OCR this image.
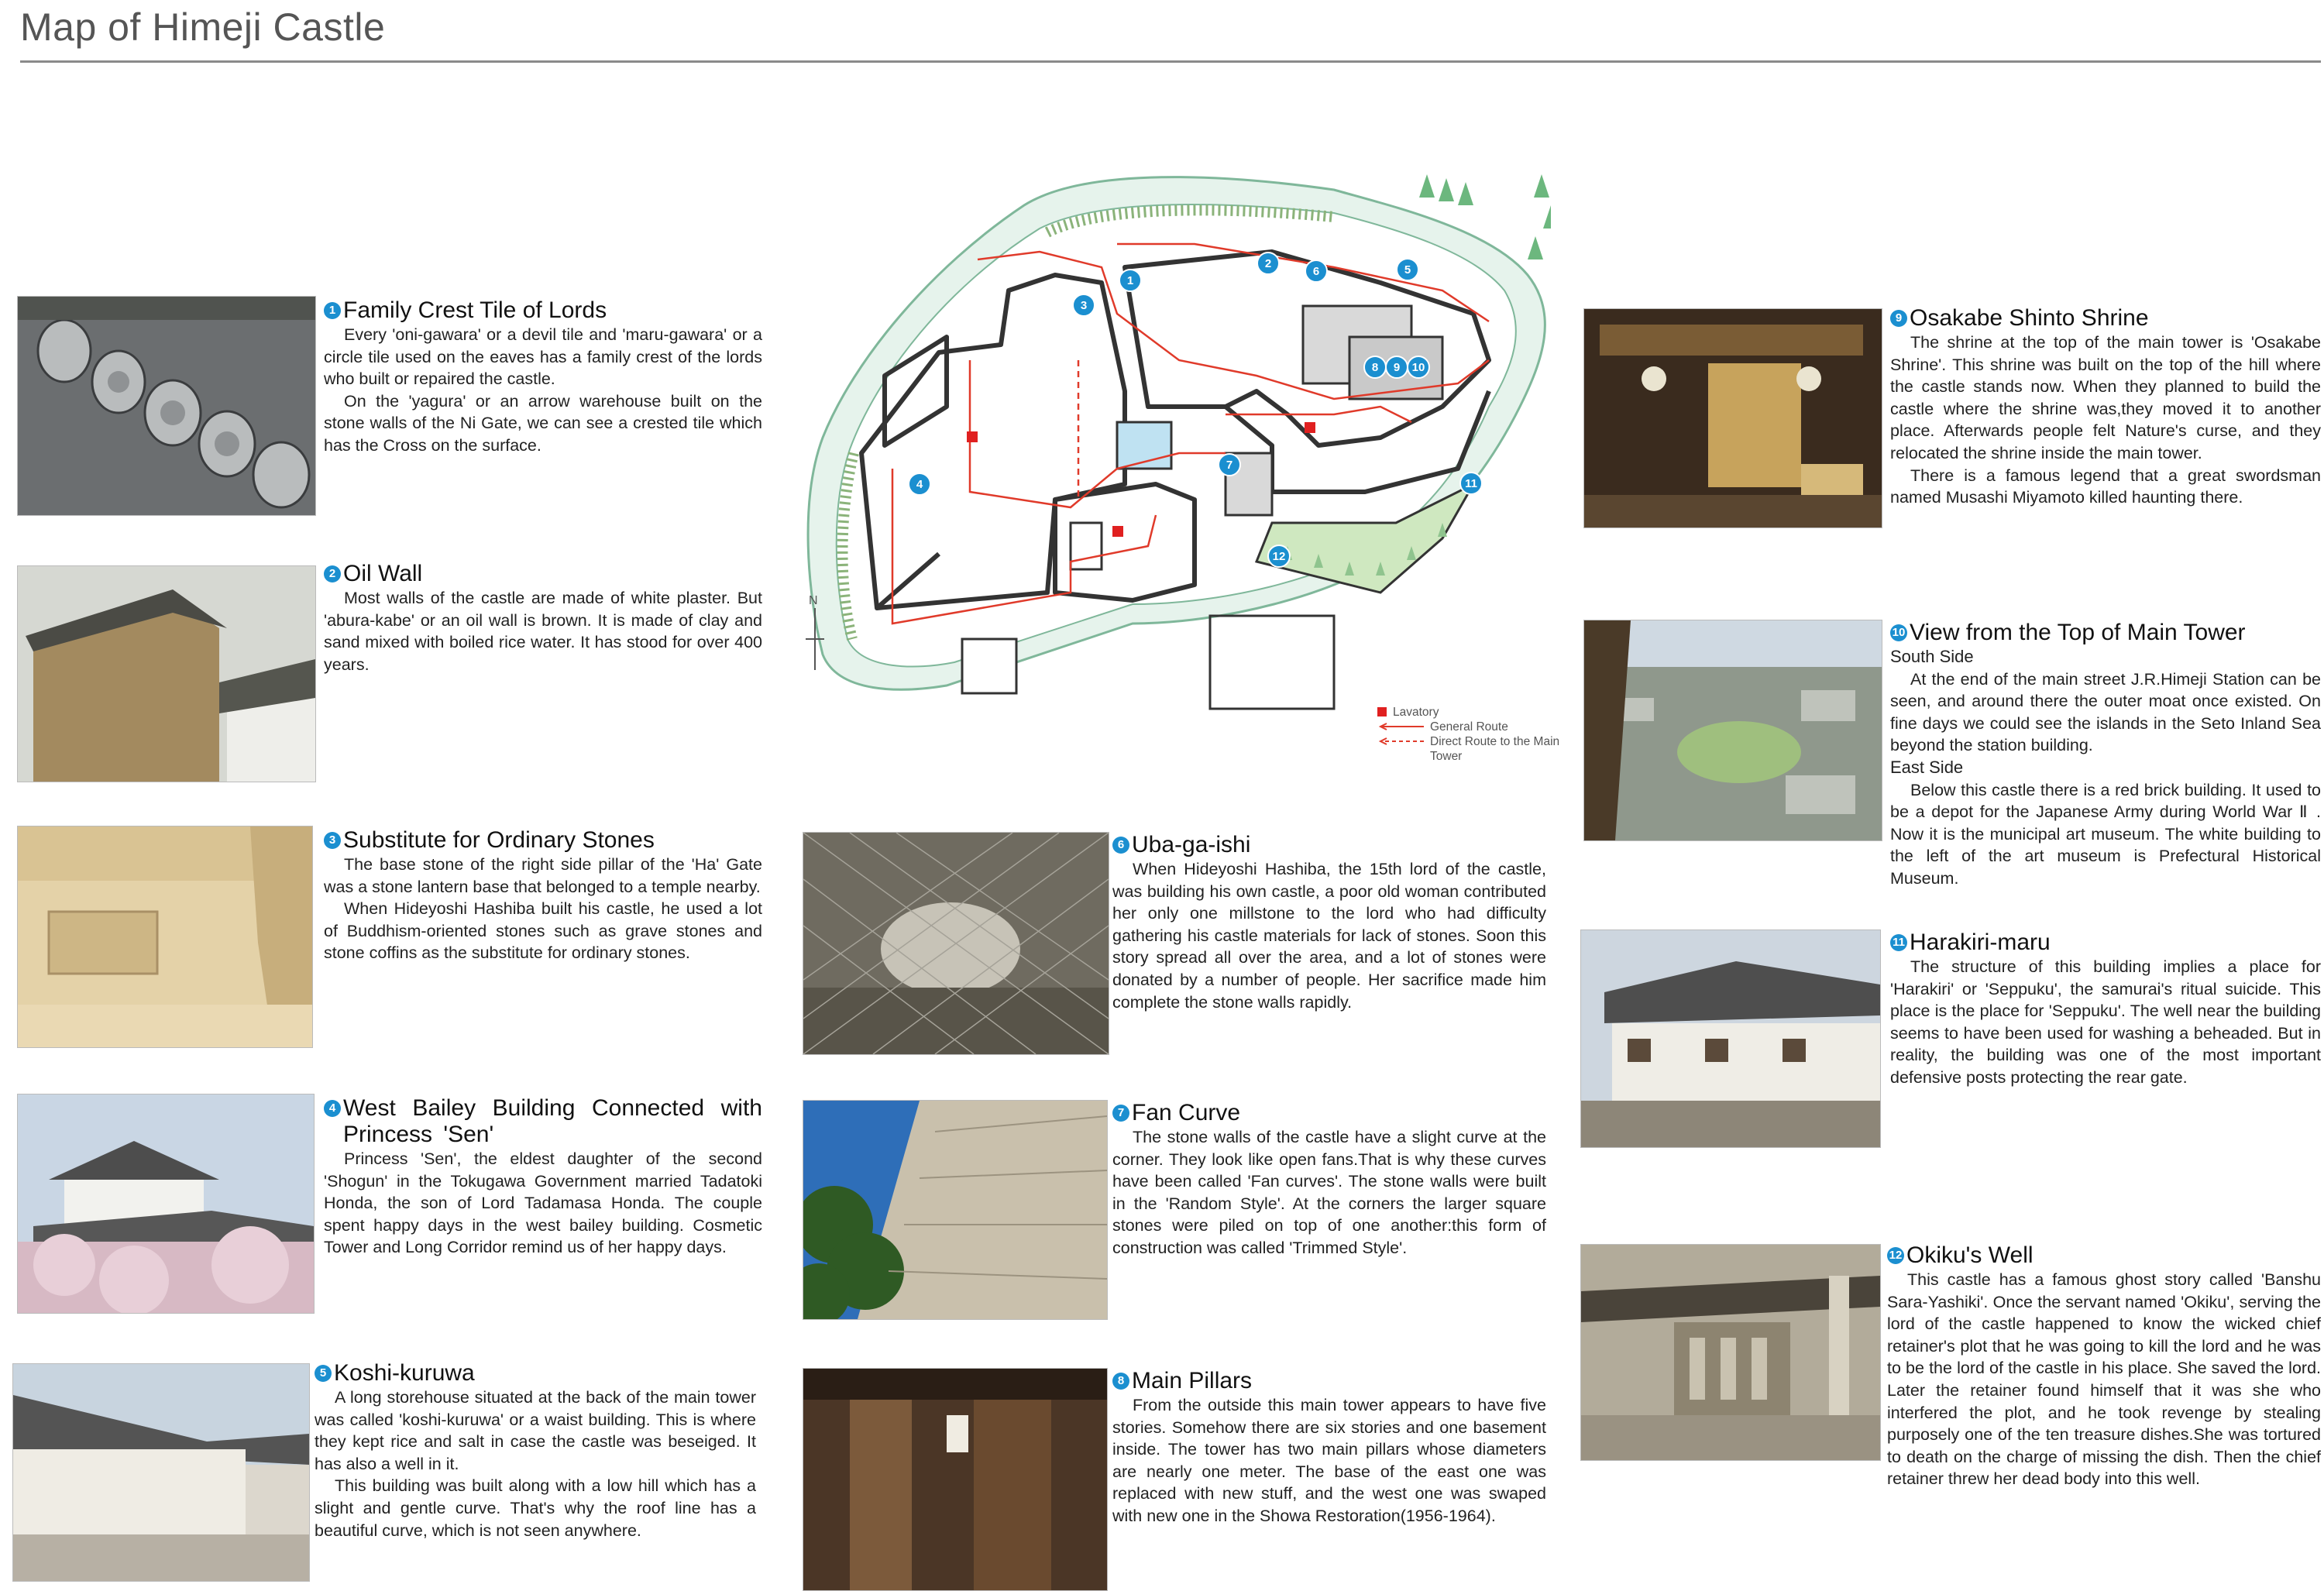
Map of Himeji Castle
1 Family Crest Tile of Lords

Every 'oni-gawara' or a devil tile and 'maru-gawara' or a circle tile used on the eaves has a family crest of the lords who built or repaired the castle.

On the 'yagura' or an arrow warehouse built on the stone walls of the Ni Gate, we can see a crested tile which has the Cross on the surface.

2 Oil Wall

Most walls of the castle are made of white plaster. But 'abura-kabe' or an oil wall is brown. It is made of clay and sand mixed with boiled rice water. It has stood for over 400 years.

3 Substitute for Ordinary Stones

The base stone of the right side pillar of the 'Ha' Gate was a stone lantern base that belonged to a temple nearby.

When Hideyoshi Hashiba built his castle, he used a lot of Buddhism-oriented stones such as grave stones and stone coffins as the substitute for ordinary stones.

4 West Bailey Building Connected with Princess 'Sen'

Princess 'Sen', the eldest daughter of the second 'Shogun' in the Tokugawa Government married Tadatoki Honda, the son of Lord Tadamasa Honda. The couple spent happy days in the west bailey building. Cosmetic Tower and Long Corridor remind us of her happy days.

5 Koshi-kuruwa

A long storehouse situated at the back of the main tower was called 'koshi-kuruwa' or a waist building. This is where they kept rice and salt in case the castle was beseiged. It has also a well in it.

This building was built along with a low hill which has a slight and gentle curve. That's why the roof line has a beautiful curve, which is not seen anywhere.

N
1
2
3
4
5
6
7
8	9	10
11
12
Lavatory
General Route
Direct Route to the Main Tower
6 Uba-ga-ishi

When Hideyoshi Hashiba, the 15th lord of the castle, was building his own castle, a poor old woman contributed her only one millstone to the lord who had difficulty gathering his castle materials for lack of stones. Soon this story spread all over the area, and a lot of stones were donated by a number of people. Her sacrifice made him complete the stone walls rapidly.

7 Fan Curve

The stone walls of the castle have a slight curve at the corner. They look like open fans.That is why these curves have been called 'Fan curves'. The stone walls were built in the 'Random Style'. At the corners the larger square stones were piled on top of one another:this form of construction was called 'Trimmed Style'.

8 Main Pillars

From the outside this main tower appears to have five stories. Somehow there are six stories and one basement inside. The tower has two main pillars whose diameters are nearly one meter. The base of the east one was replaced with new stuff, and the west one was swaped with new one in the Showa Restoration(1956-1964).

9 Osakabe Shinto Shrine

The shrine at the top of the main tower is 'Osakabe Shrine'. This shrine was built on the top of the hill where the castle stands now. When they planned to build the castle where the shrine was,they moved it to another place. Afterwards people felt Nature's curse, and they relocated the shrine inside the main tower.

There is a famous legend that a great swordsman named Musashi Miyamoto killed haunting there.

10 View from the Top of Main Tower
South Side

At the end of the main street J.R.Himeji Station can be seen, and around there the outer moat once existed. On fine days we could see the islands in the Seto Inland Sea beyond the station building.

East Side

Below this castle there is a red brick building. It used to be a depot for the Japanese Army during World War Ⅱ . Now it is the municipal art museum. The white building to the left of the art museum is Prefectural Historical Museum.

11 Harakiri-maru

The structure of this building implies a place for 'Harakiri' or 'Seppuku', the samurai's ritual suicide. This place is the place for 'Seppuku'. The well near the building seems to have been used for washing a beheaded. But in reality, the building was one of the most important defensive posts protecting the rear gate.

12 Okiku's Well

This castle has a famous ghost story called 'Banshu Sara-Yashiki'. Once the servant named 'Okiku', serving the lord of the castle happened to know the wicked chief retainer's plot that he was going to kill the lord and he was to be the lord of the castle in his place. She saved the lord. Later the retainer found himself that it was she who interfered the plot, and he took revenge by stealing purposely one of the ten treasure dishes.She was tortured to death on the charge of missing the dish. Then the chief retainer threw her dead body into this well.
